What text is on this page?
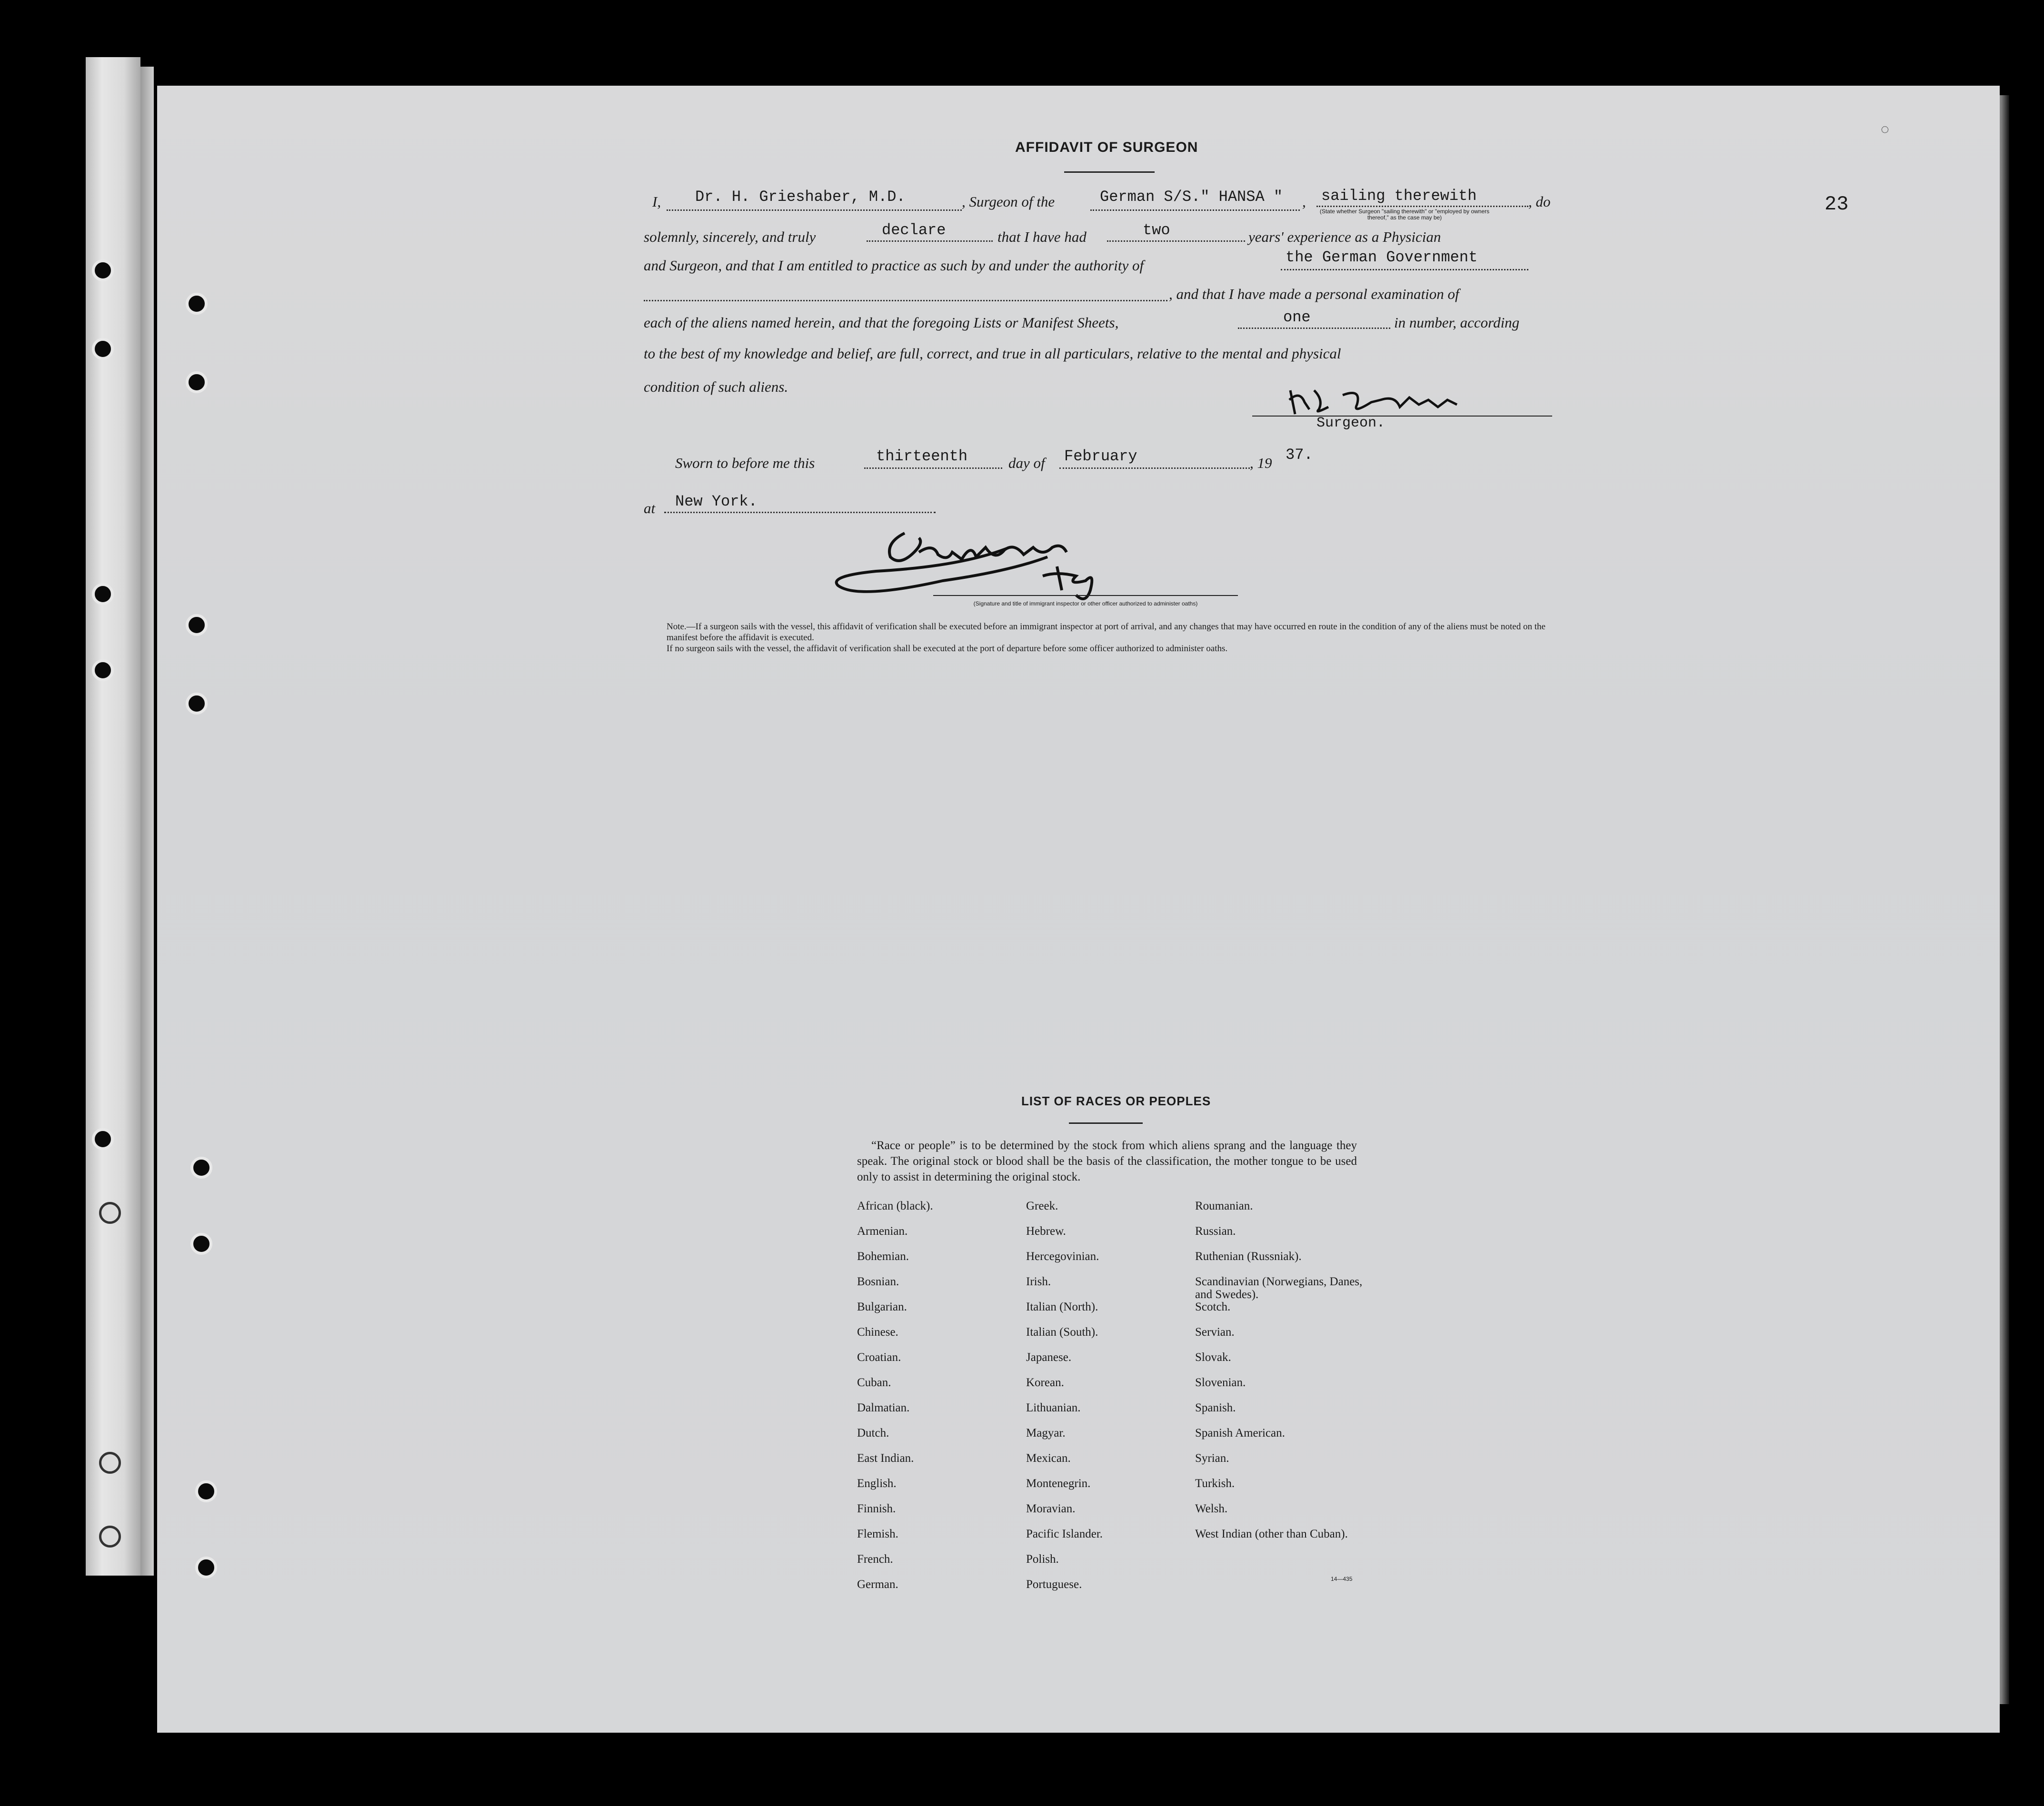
◌
23
AFFIDAVIT OF SURGEON
I, Dr. H. Grieshaber, M.D.	, Surgeon of the	German S/S." HANSA " , sailing therewith	, do
(State whether Surgeon "sailing therewith" or "employed by owners thereof," as the case may be)
solemnly, sincerely, and truly	declare	that I have had	two	years' experience as a Physician
and Surgeon, and that I am entitled to practice as such by and under the authority of	the German Government
, and that I have made a personal examination of
each of the aliens named herein, and that the foregoing Lists or Manifest Sheets,	one	in number, according
to the best of my knowledge and belief, are full, correct, and true in all particulars, relative to the mental and physical
condition of such aliens.
Surgeon.
Sworn to before me this	thirteenth	day of February	, 19 37.
at New York.
(Signature and title of immigrant inspector or other officer authorized to administer oaths)

Note.—If a surgeon sails with the vessel, this affidavit of verification shall be executed before an immigrant inspector at port of arrival, and any changes that may have occurred en route in the condition of any of the aliens must be noted on the manifest before the affidavit is executed.

If no surgeon sails with the vessel, the affidavit of verification shall be executed at the port of departure before some officer authorized to administer oaths.

LIST OF RACES OR PEOPLES
“Race or people” is to be determined by the stock from which aliens sprang and the language they speak. The original stock or blood shall be the basis of the classification, the mother tongue to be used only to assist in determining the original stock.
African (black).
Armenian.
Bohemian.
Bosnian.
Bulgarian.
Chinese.
Croatian.
Cuban.
Dalmatian.
Dutch.
East Indian.
English.
Finnish.
Flemish.
French.
German.
Greek.
Hebrew.
Hercegovinian.
Irish.
Italian (North).
Italian (South).
Japanese.
Korean.
Lithuanian.
Magyar.
Mexican.
Montenegrin.
Moravian.
Pacific Islander.
Polish.
Portuguese.
Roumanian.
Russian.
Ruthenian (Russniak).
Scandinavian (Norwegians, Danes, and Swedes).
Scotch.
Servian.
Slovak.
Slovenian.
Spanish.
Spanish American.
Syrian.
Turkish.
Welsh.
West Indian (other than Cuban).
14—435
